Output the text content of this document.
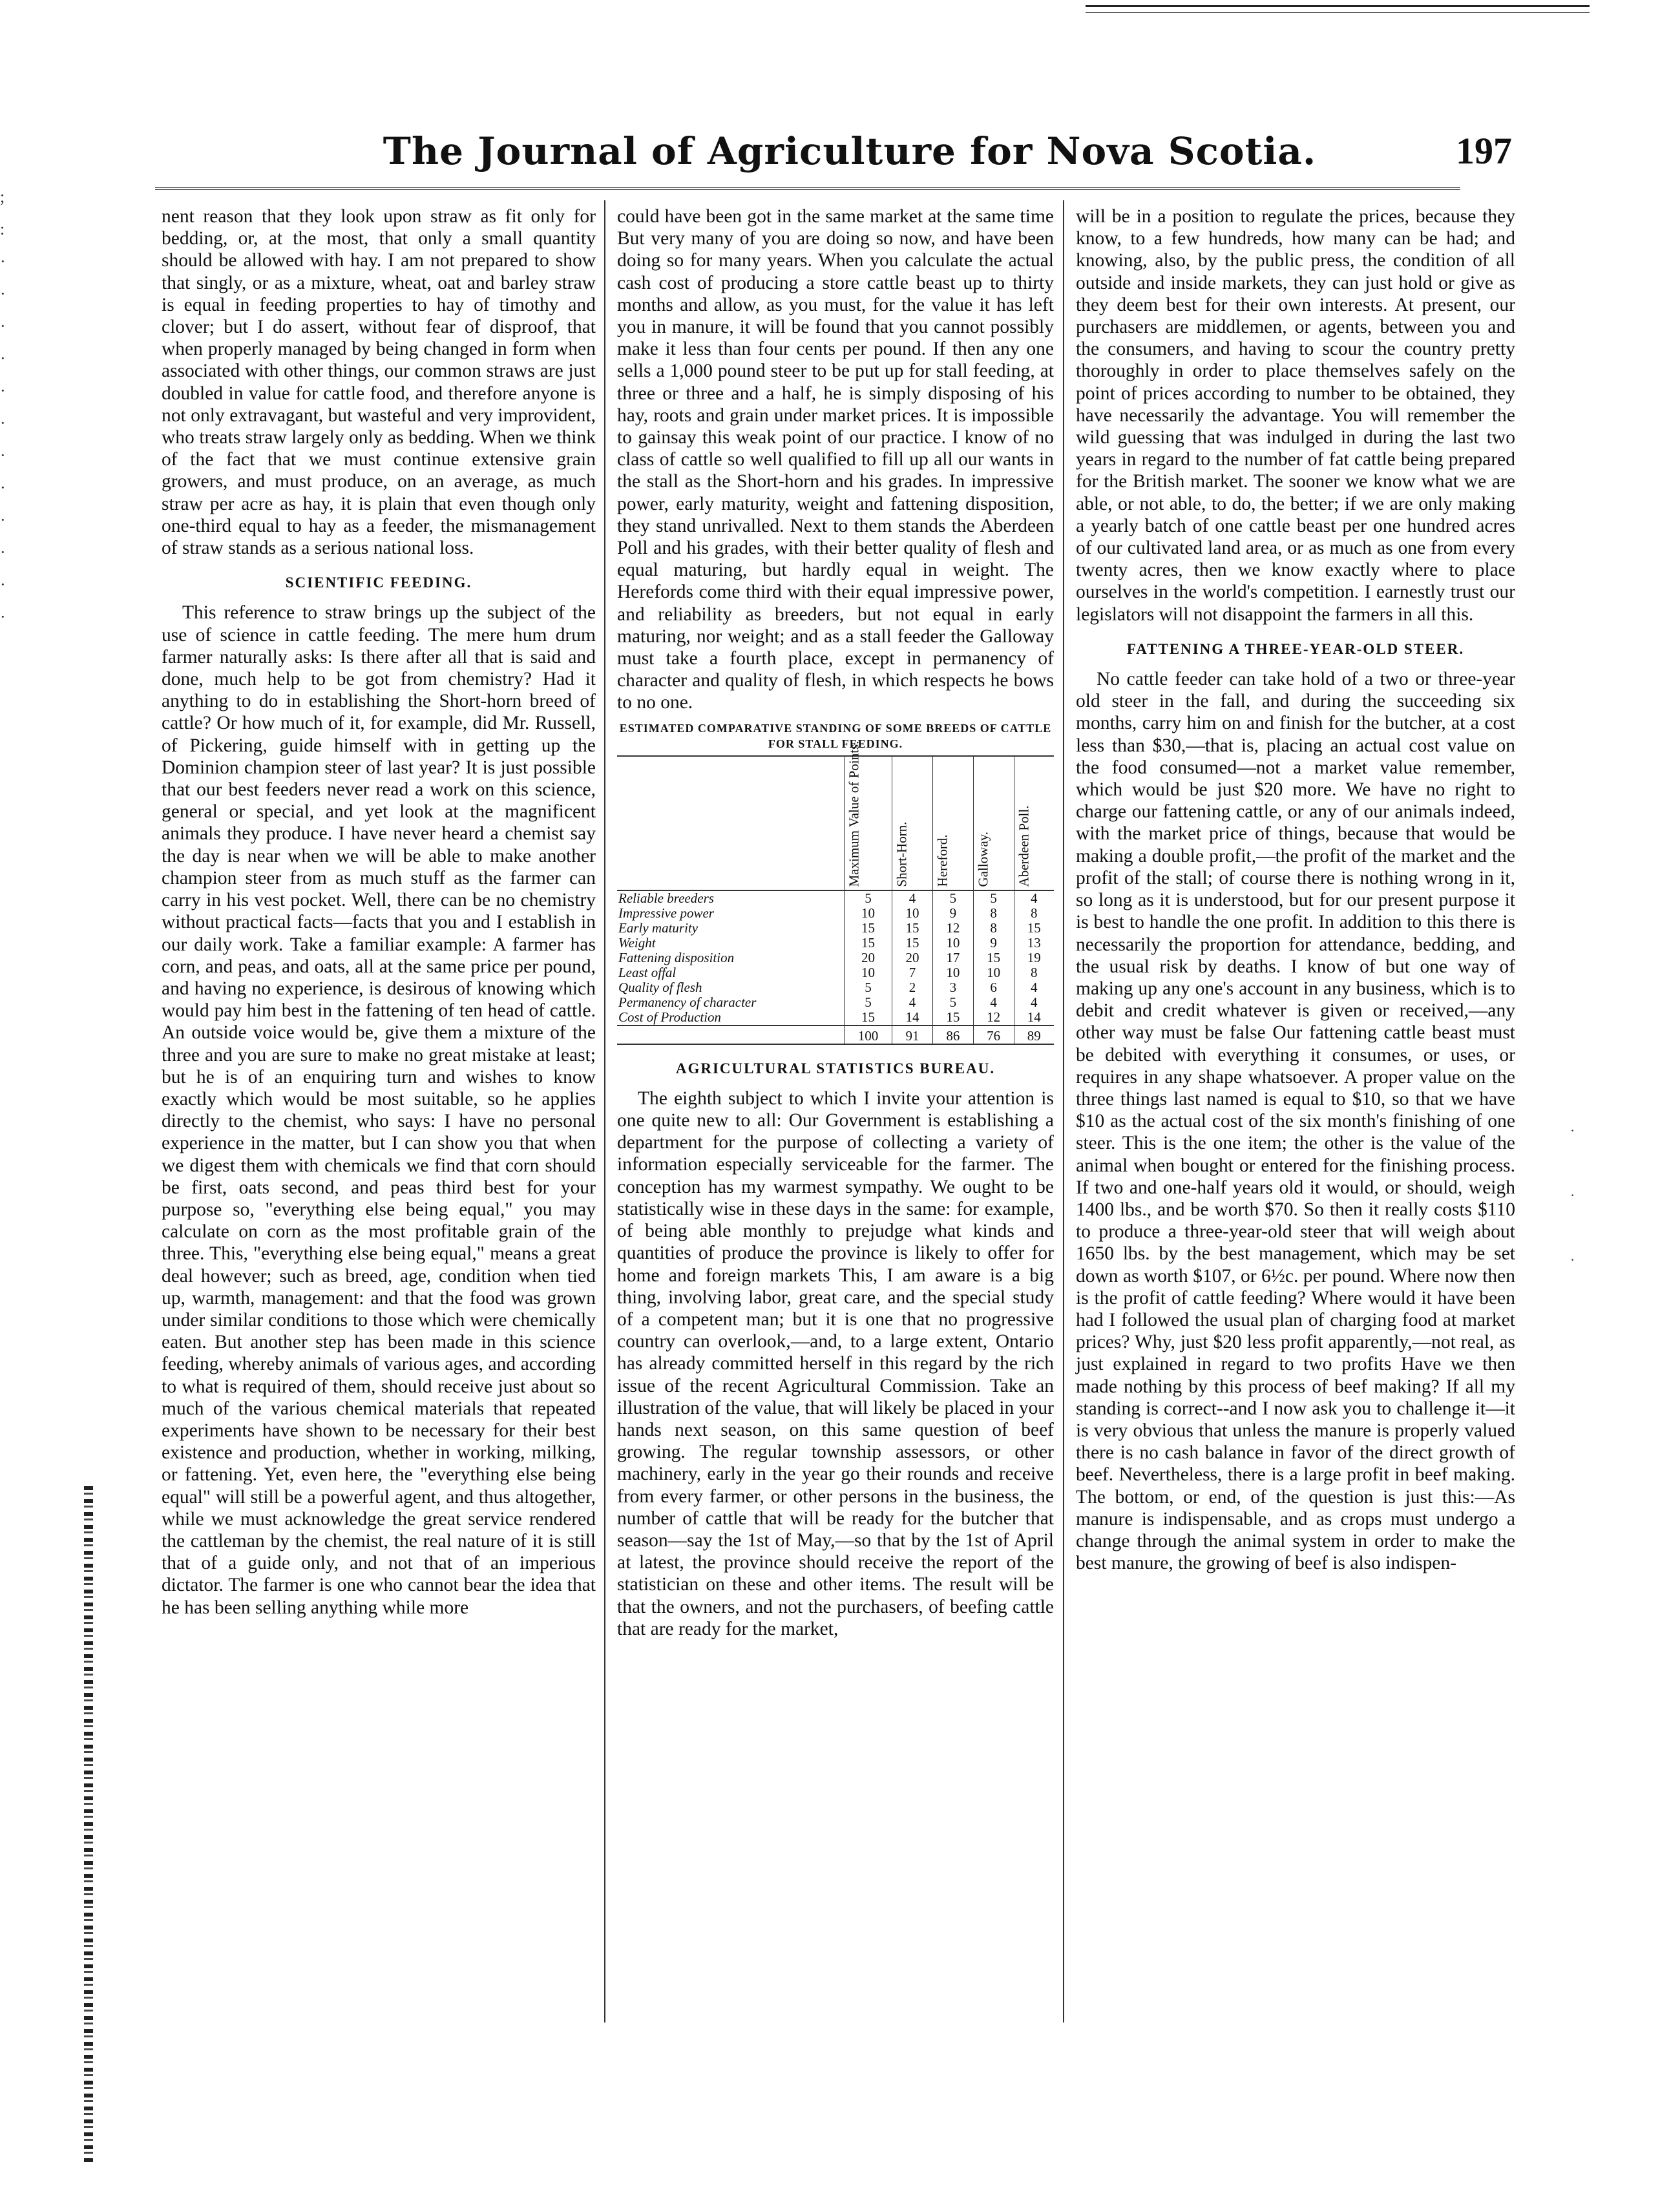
;
:
·
·
·
·
·
·
·
·
·
·
·
·
The Journal of Agriculture for Nova Scotia.	197

nent reason that they look upon straw as fit only for bedding, or, at the most, that only a small quantity should be allowed with hay. I am not prepared to show that singly, or as a mixture, wheat, oat and barley straw is equal in feeding properties to hay of timothy and clover; but I do assert, without fear of disproof, that when properly managed by being changed in form when associated with other things, our common straws are just doubled in value for cattle food, and therefore anyone is not only extravagant, but wasteful and very improvident, who treats straw largely only as bedding. When we think of the fact that we must continue extensive grain growers, and must produce, on an average, as much straw per acre as hay, it is plain that even though only one-third equal to hay as a feeder, the mismanagement of straw stands as a serious national loss.

SCIENTIFIC FEEDING.

This reference to straw brings up the subject of the use of science in cattle feeding. The mere hum drum farmer naturally asks: Is there after all that is said and done, much help to be got from chemistry? Had it anything to do in establishing the Short-horn breed of cattle? Or how much of it, for example, did Mr. Russell, of Pickering, guide himself with in getting up the Dominion champion steer of last year? It is just possible that our best feeders never read a work on this science, general or special, and yet look at the magnificent animals they produce. I have never heard a chemist say the day is near when we will be able to make another champion steer from as much stuff as the farmer can carry in his vest pocket. Well, there can be no chemistry without practical facts—facts that you and I establish in our daily work. Take a familiar example: A farmer has corn, and peas, and oats, all at the same price per pound, and having no experience, is desirous of knowing which would pay him best in the fattening of ten head of cattle. An outside voice would be, give them a mixture of the three and you are sure to make no great mistake at least; but he is of an enquiring turn and wishes to know exactly which would be most suitable, so he applies directly to the chemist, who says: I have no personal experience in the matter, but I can show you that when we digest them with chemicals we find that corn should be first, oats second, and peas third best for your purpose so, "everything else being equal," you may calculate on corn as the most profitable grain of the three. This, "everything else being equal," means a great deal however; such as breed, age, condition when tied up, warmth, management: and that the food was grown under similar conditions to those which were chemically eaten. But another step has been made in this science feeding, whereby animals of various ages, and according to what is required of them, should receive just about so much of the various chemical materials that repeated experiments have shown to be necessary for their best existence and production, whether in working, milking, or fattening. Yet, even here, the "everything else being equal" will still be a powerful agent, and thus altogether, while we must acknowledge the great service rendered the cattleman by the chemist, the real nature of it is still that of a guide only, and not that of an imperious dictator. The farmer is one who cannot bear the idea that he has been selling anything while more

could have been got in the same market at the same time But very many of you are doing so now, and have been doing so for many years. When you calculate the actual cash cost of producing a store cattle beast up to thirty months and allow, as you must, for the value it has left you in manure, it will be found that you cannot possibly make it less than four cents per pound. If then any one sells a 1,000 pound steer to be put up for stall feeding, at three or three and a half, he is simply disposing of his hay, roots and grain under market prices. It is impossible to gainsay this weak point of our practice. I know of no class of cattle so well qualified to fill up all our wants in the stall as the Short-horn and his grades. In impressive power, early maturity, weight and fattening disposition, they stand unrivalled. Next to them stands the Aberdeen Poll and his grades, with their better quality of flesh and equal maturing, but hardly equal in weight. The Herefords come third with their equal impressive power, and reliability as breeders, but not equal in early maturing, nor weight; and as a stall feeder the Galloway must take a fourth place, except in permanency of character and quality of flesh, in which respects he bows to no one.

ESTIMATED COMPARATIVE STANDING OF SOME BREEDS OF CATTLE FOR STALL FEEDING.
	Maximum Value of Points.	Short-Horn.	Hereford.	Galloway.	Aberdeen Poll.
Reliable breeders	5	4	5	5	4
Impressive power	10	10	9	8	8
Early maturity	15	15	12	8	15
Weight	15	15	10	9	13
Fattening disposition	20	20	17	15	19
Least offal	10	7	10	10	8
Quality of flesh	5	2	3	6	4
Permanency of character	5	4	5	4	4
Cost of Production	15	14	15	12	14
	100	91	86	76	89
AGRICULTURAL STATISTICS BUREAU.

The eighth subject to which I invite your attention is one quite new to all: Our Government is establishing a department for the purpose of collecting a variety of information especially serviceable for the farmer. The conception has my warmest sympathy. We ought to be statistically wise in these days in the same: for example, of being able monthly to prejudge what kinds and quantities of produce the province is likely to offer for home and foreign markets This, I am aware is a big thing, involving labor, great care, and the special study of a competent man; but it is one that no progressive country can overlook,—and, to a large extent, Ontario has already committed herself in this regard by the rich issue of the recent Agricultural Commission. Take an illustration of the value, that will likely be placed in your hands next season, on this same question of beef growing. The regular township assessors, or other machinery, early in the year go their rounds and receive from every farmer, or other persons in the business, the number of cattle that will be ready for the butcher that season—say the 1st of May,—so that by the 1st of April at latest, the province should receive the report of the statistician on these and other items. The result will be that the owners, and not the purchasers, of beefing cattle that are ready for the market,

will be in a position to regulate the prices, because they know, to a few hundreds, how many can be had; and knowing, also, by the public press, the condition of all outside and inside markets, they can just hold or give as they deem best for their own interests. At present, our purchasers are middlemen, or agents, between you and the consumers, and having to scour the country pretty thoroughly in order to place themselves safely on the point of prices according to number to be obtained, they have necessarily the advantage. You will remember the wild guessing that was indulged in during the last two years in regard to the number of fat cattle being prepared for the British market. The sooner we know what we are able, or not able, to do, the better; if we are only making a yearly batch of one cattle beast per one hundred acres of our cultivated land area, or as much as one from every twenty acres, then we know exactly where to place ourselves in the world's competition. I earnestly trust our legislators will not disappoint the farmers in all this.

FATTENING A THREE-YEAR-OLD STEER.

No cattle feeder can take hold of a two or three-year old steer in the fall, and during the succeeding six months, carry him on and finish for the butcher, at a cost less than $30,—that is, placing an actual cost value on the food consumed—not a market value remember, which would be just $20 more. We have no right to charge our fattening cattle, or any of our animals indeed, with the market price of things, because that would be making a double profit,—the profit of the market and the profit of the stall; of course there is nothing wrong in it, so long as it is understood, but for our present purpose it is best to handle the one profit. In addition to this there is necessarily the proportion for attendance, bedding, and the usual risk by deaths. I know of but one way of making up any one's account in any business, which is to debit and credit whatever is given or received,—any other way must be false Our fattening cattle beast must be debited with everything it consumes, or uses, or requires in any shape whatsoever. A proper value on the three things last named is equal to $10, so that we have $10 as the actual cost of the six month's finishing of one steer. This is the one item; the other is the value of the animal when bought or entered for the finishing process. If two and one-half years old it would, or should, weigh 1400 lbs., and be worth $70. So then it really costs $110 to produce a three-year-old steer that will weigh about 1650 lbs. by the best management, which may be set down as worth $107, or 6½c. per pound. Where now then is the profit of cattle feeding? Where would it have been had I followed the usual plan of charging food at market prices? Why, just $20 less profit apparently,—not real, as just explained in regard to two profits Have we then made nothing by this process of beef making? If all my standing is correct--and I now ask you to challenge it—it is very obvious that unless the manure is properly valued there is no cash balance in favor of the direct growth of beef. Nevertheless, there is a large profit in beef making. The bottom, or end, of the question is just this:—As manure is indispensable, and as crops must undergo a change through the animal system in order to make the best manure, the growing of beef is also indispen-

·
·
·
